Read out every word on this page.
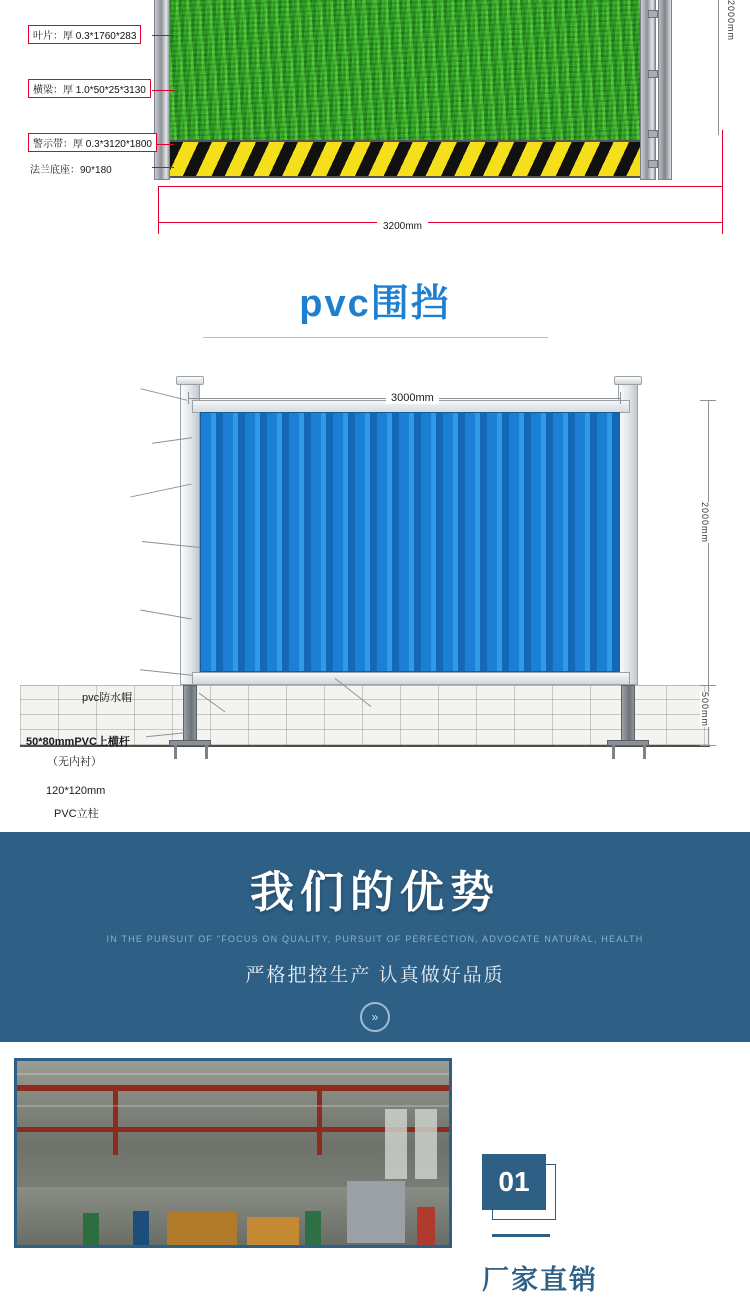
叶片：厚 0.3*1760*283
横梁：厚 1.0*50*25*3130
警示带：厚 0.3*3120*1800
法兰底座：90*180
3200mm
2000mm
pvc围挡
3000mm
2000mm
500mm
pvc防水帽
50*80mmPVC上横杆
（无内衬）
120*120mm
PVC立柱
我们的优势
IN THE PURSUIT OF "FOCUS ON QUALITY, PURSUIT OF PERFECTION, ADVOCATE NATURAL, HEALTH
严格把控生产 认真做好品质
»
01
厂家直销
